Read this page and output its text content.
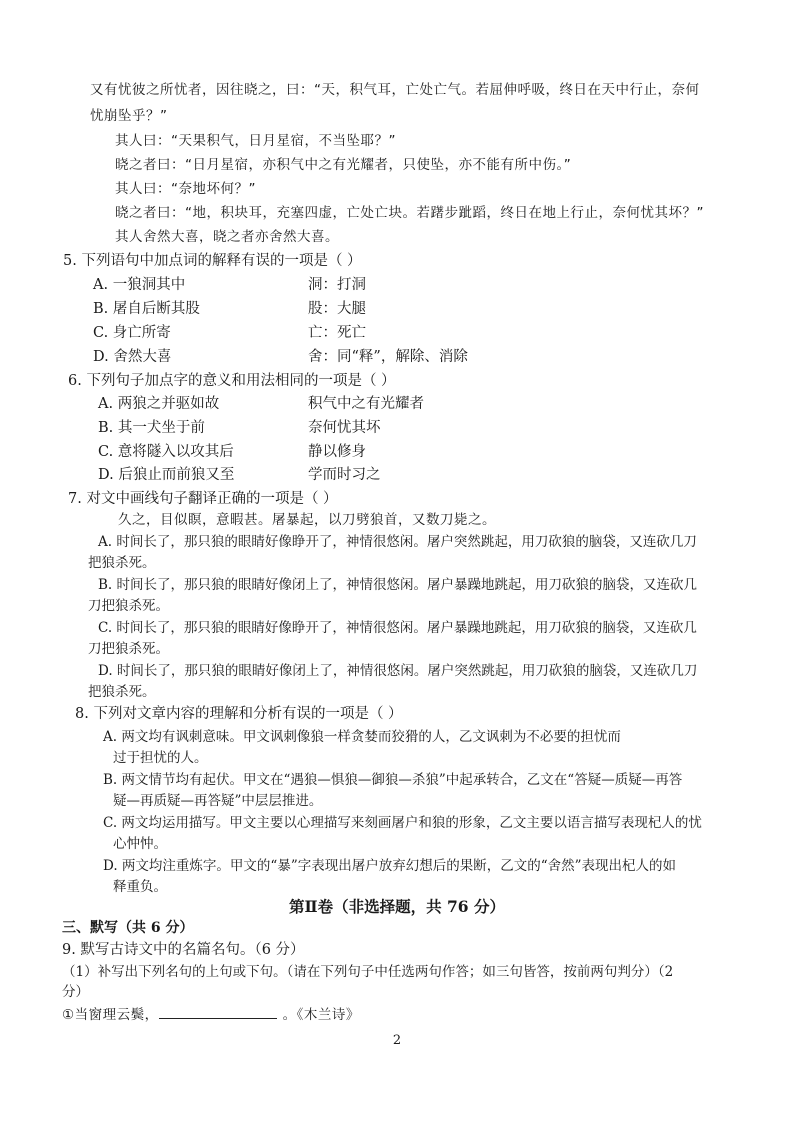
又有忧彼之所忧者，因往晓之，曰：“天，积气耳，亡处亡气。若屈伸呼吸，终日在天中行止，奈何
忧崩坠乎？”
其人曰：“天果积气，日月星宿，不当坠耶？”
晓之者曰：“日月星宿，亦积气中之有光耀者，只使坠，亦不能有所中伤。”
其人曰：“奈地坏何？”
晓之者曰：“地，积块耳，充塞四虚，亡处亡块。若躇步跐蹈，终日在地上行止，奈何忧其坏？”
其人舍然大喜，晓之者亦舍然大喜。
5. 下列语句中加点词的解释有误的一项是（ ）
A. 一狼洞其中	洞：打洞
B. 屠自后断其股	股：大腿
C. 身亡所寄	亡：死亡
D. 舍然大喜	舍：同“释”，解除、消除
6. 下列句子加点字的意义和用法相同的一项是（ ）
A. 两狼之并驱如故	积气中之有光耀者
B. 其一犬坐于前	奈何忧其坏
C. 意将隧入以攻其后	静以修身
D. 后狼止而前狼又至	学而时习之
7. 对文中画线句子翻译正确的一项是（ ）
久之，目似瞑，意暇甚。屠暴起，以刀劈狼首，又数刀毙之。
A. 时间长了，那只狼的眼睛好像睁开了，神情很悠闲。屠户突然跳起，用刀砍狼的脑袋，又连砍几刀
把狼杀死。
B. 时间长了，那只狼的眼睛好像闭上了，神情很悠闲。屠户暴躁地跳起，用刀砍狼的脑袋，又连砍几
刀把狼杀死。
C. 时间长了，那只狼的眼睛好像睁开了，神情很悠闲。屠户暴躁地跳起，用刀砍狼的脑袋，又连砍几
刀把狼杀死。
D. 时间长了，那只狼的眼睛好像闭上了，神情很悠闲。屠户突然跳起，用刀砍狼的脑袋，又连砍几刀
把狼杀死。
8. 下列对文章内容的理解和分析有误的一项是（ ）
A. 两文均有讽刺意味。甲文讽刺像狼一样贪婪而狡猾的人，乙文讽刺为不必要的担忧而
过于担忧的人。
B. 两文情节均有起伏。甲文在“遇狼—惧狼—御狼—杀狼”中起承转合，乙文在“答疑—质疑—再答
疑—再质疑—再答疑”中层层推进。
C. 两文均运用描写。甲文主要以心理描写来刻画屠户和狼的形象，乙文主要以语言描写表现杞人的忧
心忡忡。
D. 两文均注重炼字。甲文的“暴”字表现出屠户放弃幻想后的果断，乙文的“舍然”表现出杞人的如
释重负。
第Ⅱ卷（非选择题，共 76 分）
三、默写（共 6 分）
9. 默写古诗文中的名篇名句。（6 分）
（1）补写出下列名句的上句或下句。（请在下列句子中任选两句作答；如三句皆答，按前两句判分）（2
分）
①当窗理云鬓，	。《木兰诗》
2
